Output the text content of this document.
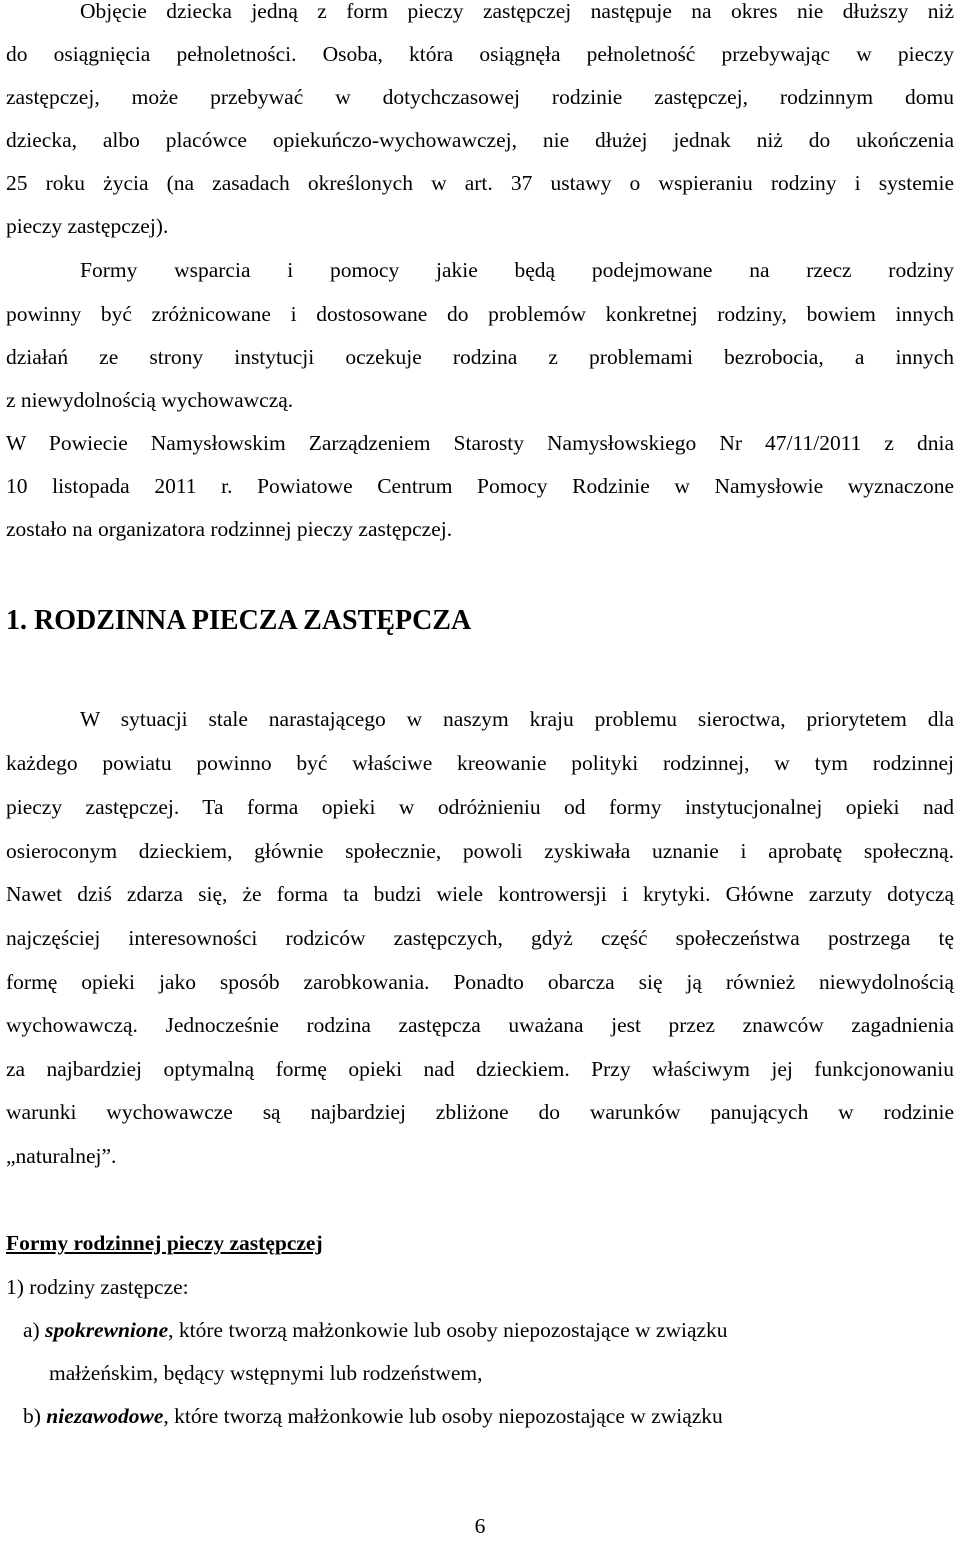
Objęcie dziecka jedną z form pieczy zastępczej następuje na okres nie dłuższy niż
do osiągnięcia pełnoletności. Osoba, która osiągnęła pełnoletność przebywając w pieczy
zastępczej, może przebywać w dotychczasowej rodzinie zastępczej, rodzinnym domu
dziecka, albo placówce opiekuńczo-wychowawczej, nie dłużej jednak niż do ukończenia
25 roku życia (na zasadach określonych w art. 37 ustawy o wspieraniu rodziny i systemie
pieczy zastępczej).
Formy wsparcia i pomocy jakie będą podejmowane na rzecz rodziny
powinny być zróżnicowane i dostosowane do problemów konkretnej rodziny, bowiem innych
działań ze strony instytucji oczekuje rodzina z problemami bezrobocia, a innych
z niewydolnością wychowawczą.
W Powiecie Namysłowskim Zarządzeniem Starosty Namysłowskiego Nr 47/11/2011 z dnia
10 listopada 2011 r. Powiatowe Centrum Pomocy Rodzinie w Namysłowie wyznaczone
zostało na organizatora rodzinnej pieczy zastępczej.
1. RODZINNA PIECZA ZASTĘPCZA
W sytuacji stale narastającego w naszym kraju problemu sieroctwa, priorytetem dla
każdego powiatu powinno być właściwe kreowanie polityki rodzinnej, w tym rodzinnej
pieczy zastępczej. Ta forma opieki w odróżnieniu od formy instytucjonalnej opieki nad
osieroconym dzieckiem, głównie społecznie, powoli zyskiwała uznanie i aprobatę społeczną.
Nawet dziś zdarza się, że forma ta budzi wiele kontrowersji i krytyki. Główne zarzuty dotyczą
najczęściej interesowności rodziców zastępczych, gdyż część społeczeństwa postrzega tę
formę opieki jako sposób zarobkowania. Ponadto obarcza się ją również niewydolnością
wychowawczą. Jednocześnie rodzina zastępcza uważana jest przez znawców zagadnienia
za najbardziej optymalną formę opieki nad dzieckiem. Przy właściwym jej funkcjonowaniu
warunki wychowawcze są najbardziej zbliżone do warunków panujących w rodzinie
„naturalnej”.
Formy rodzinnej pieczy zastępczej
1) rodziny zastępcze:
a) spokrewnione, które tworzą małżonkowie lub osoby niepozostające w związku
małżeńskim, będący wstępnymi lub rodzeństwem,
b) niezawodowe, które tworzą małżonkowie lub osoby niepozostające w związku
6
